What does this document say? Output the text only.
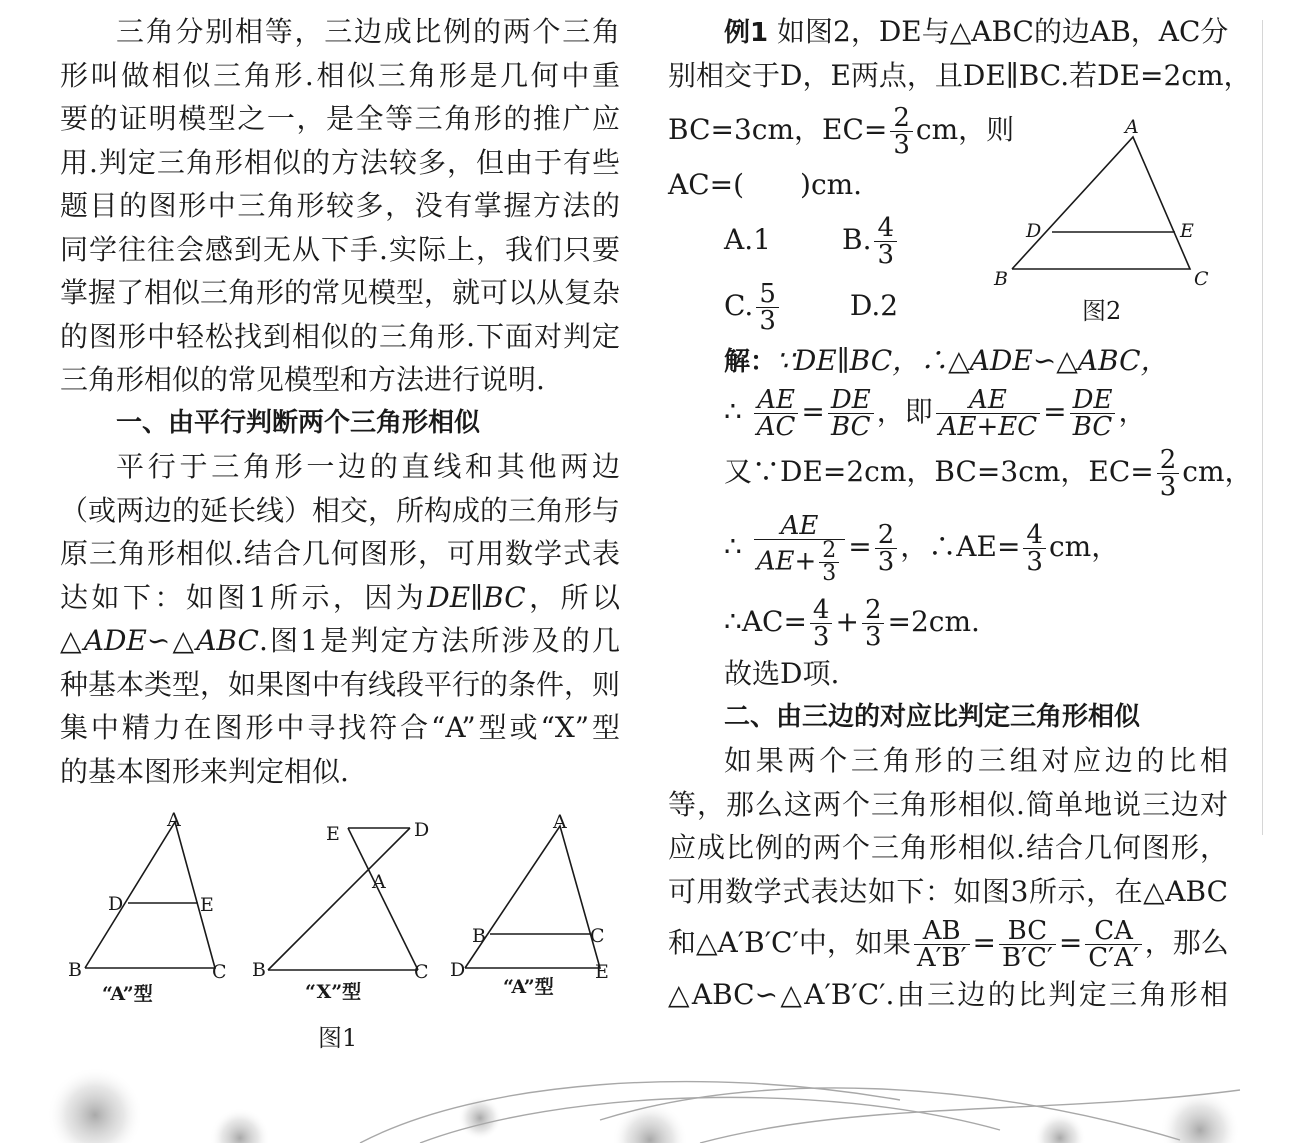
三角分别相等，三边成比例的两个三角
形叫做相似三角形.相似三角形是几何中重
要的证明模型之一，是全等三角形的推广应
用.判定三角形相似的方法较多，但由于有些
题目的图形中三角形较多，没有掌握方法的
同学往往会感到无从下手.实际上，我们只要
掌握了相似三角形的常见模型，就可以从复杂
的图形中轻松找到相似的三角形.下面对判定
三角形相似的常见模型和方法进行说明.
一、由平行判断两个三角形相似
平行于三角形一边的直线和其他两边
（或两边的延长线）相交，所构成的三角形与
原三角形相似.结合几何图形，可用数学式表
达如下：如图1所示，因为DE∥BC，所以
△ADE∽△ABC.图1是判定方法所涉及的几
种基本类型，如果图中有线段平行的条件，则
集中精力在图形中寻找符合“A”型或“X”型
的基本图形来判定相似.
A
D	E
B	C
E	D
A
B	C
A
B	C
D	E
“A”型	“X”型	“A”型
图1
例1 如图2，DE与△ABC的边AB，AC分
别相交于D，E两点，且DE∥BC.若DE=2cm，
BC=3cm，$EC= \frac{2}{3}$ cm，则
AC=(　　)cm.
A.1	B. $\frac{4}{3}$
C. $\frac{5}{3}$	D.2
解：∵DE∥BC，∴△ADE∽△ABC，
∴ $\frac{AE}{AC} = \frac{DE}{BC}$ ，即 $\frac{AE}{AE+EC} = \frac{DE}{BC}$ ，
又∵DE=2cm，BC=3cm，$EC= \frac{2}{3}$ cm，
∴ $\frac{AE}{AE+ \frac{2}{3}} = \frac{2}{3}$ ，∴AE= $\frac{4}{3}$ cm，
∴AC= $\frac{4}{3} + \frac{2}{3} =2cm$.
故选D项.
二、由三边的对应比判定三角形相似
如果两个三角形的三组对应边的比相
等，那么这两个三角形相似.简单地说三边对
应成比例的两个三角形相似.结合几何图形，
可用数学式表达如下：如图3所示，在△ABC
和△A′B′C′中，如果 $\frac{AB}{A'B'} = \frac{BC}{B'C'} = \frac{CA}{C'A'}$ ，那么
△ABC∽△A′B′C′.由三边的比判定三角形相
A
D	E
B	C
图2
